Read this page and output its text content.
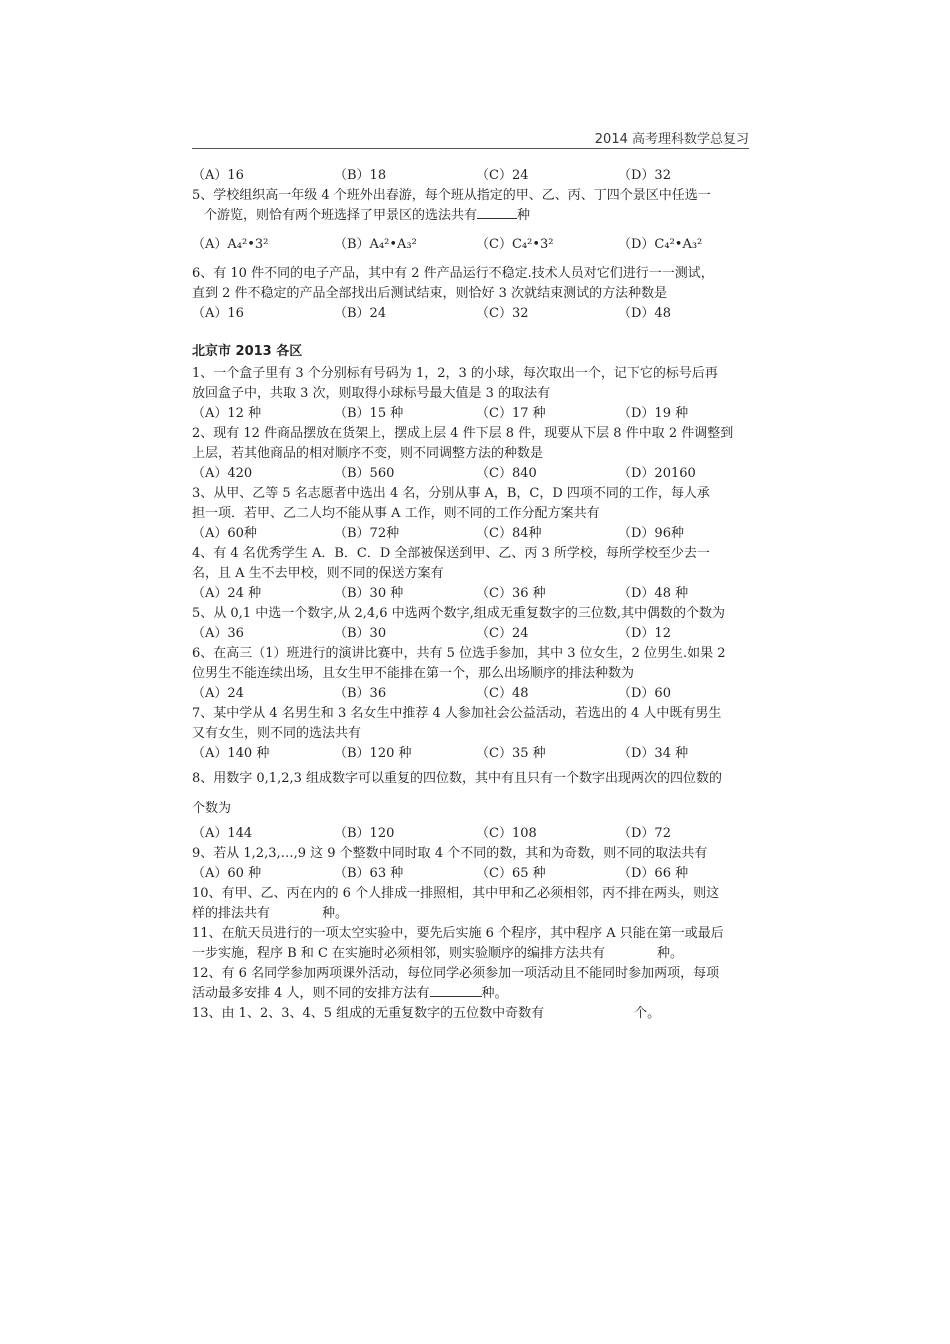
2014 高考理科数学总复习
（A）16	（B）18	（C）24	（D）32

5、学校组织高一年级 4 个班外出春游，每个班从指定的甲、乙、丙、丁四个景区中任选一

个游览，则恰有两个班选择了甲景区的选法共有	种

（A）A₄²•3²	（B）A₄²•A₃²	（C）C₄²•3²	（D）C₄²•A₃²

6、有 10 件不同的电子产品，其中有 2 件产品运行不稳定.技术人员对它们进行一一测试，

直到 2 件不稳定的产品全部找出后测试结束，则恰好 3 次就结束测试的方法种数是

（A）16	（B）24	（C）32	（D）48
北京市 2013 各区

1、一个盒子里有 3 个分别标有号码为 1，2，3 的小球，每次取出一个，记下它的标号后再

放回盒子中，共取 3 次，则取得小球标号最大值是 3 的取法有

（A）12 种	（B）15 种	（C）17 种	（D）19 种

2、现有 12 件商品摆放在货架上，摆成上层 4 件下层 8 件，现要从下层 8 件中取 2 件调整到

上层，若其他商品的相对顺序不变，则不同调整方法的种数是

（A）420	（B）560	（C）840	（D）20160

3、从甲、乙等 5 名志愿者中选出 4 名，分别从事 A，B，C，D 四项不同的工作，每人承

担一项．若甲、乙二人均不能从事 A 工作，则不同的工作分配方案共有

（A）60种	（B）72种	（C）84种	（D）96种

4、有 4 名优秀学生 A．B．C．D 全部被保送到甲、乙、丙 3 所学校，每所学校至少去一

名，且 A 生不去甲校，则不同的保送方案有

（A）24 种	（B）30 种	（C）36 种	（D）48 种

5、从 0,1 中选一个数字,从 2,4,6 中选两个数字,组成无重复数字的三位数,其中偶数的个数为

（A）36	（B）30	（C）24	（D）12

6、在高三（1）班进行的演讲比赛中，共有 5 位选手参加，其中 3 位女生，2 位男生.如果 2

位男生不能连续出场，且女生甲不能排在第一个，那么出场顺序的排法种数为

（A）24	（B）36	（C）48	（D）60

7、某中学从 4 名男生和 3 名女生中推荐 4 人参加社会公益活动，若选出的 4 人中既有男生

又有女生，则不同的选法共有

（A）140 种	（B）120 种	（C）35 种	（D）34 种

8、用数字 0,1,2,3 组成数字可以重复的四位数，其中有且只有一个数字出现两次的四位数的

个数为

（A）144	（B）120	（C）108	（D）72

9、若从 1,2,3,…,9 这 9 个整数中同时取 4 个不同的数，其和为奇数，则不同的取法共有

（A）60 种	（B）63 种	（C）65 种	（D）66 种

10、有甲、乙、丙在内的 6 个人排成一排照相，其中甲和乙必须相邻，丙不排在两头，则这

样的排法共有	种。

11、在航天员进行的一项太空实验中，要先后实施 6 个程序，其中程序 A 只能在第一或最后

一步实施，程序 B 和 C 在实施时必须相邻，则实验顺序的编排方法共有	种。

12、有 6 名同学参加两项课外活动，每位同学必须参加一项活动且不能同时参加两项，每项

活动最多安排 4 人，则不同的安排方法有	种。

13、由 1、2、3、4、5 组成的无重复数字的五位数中奇数有	个。
